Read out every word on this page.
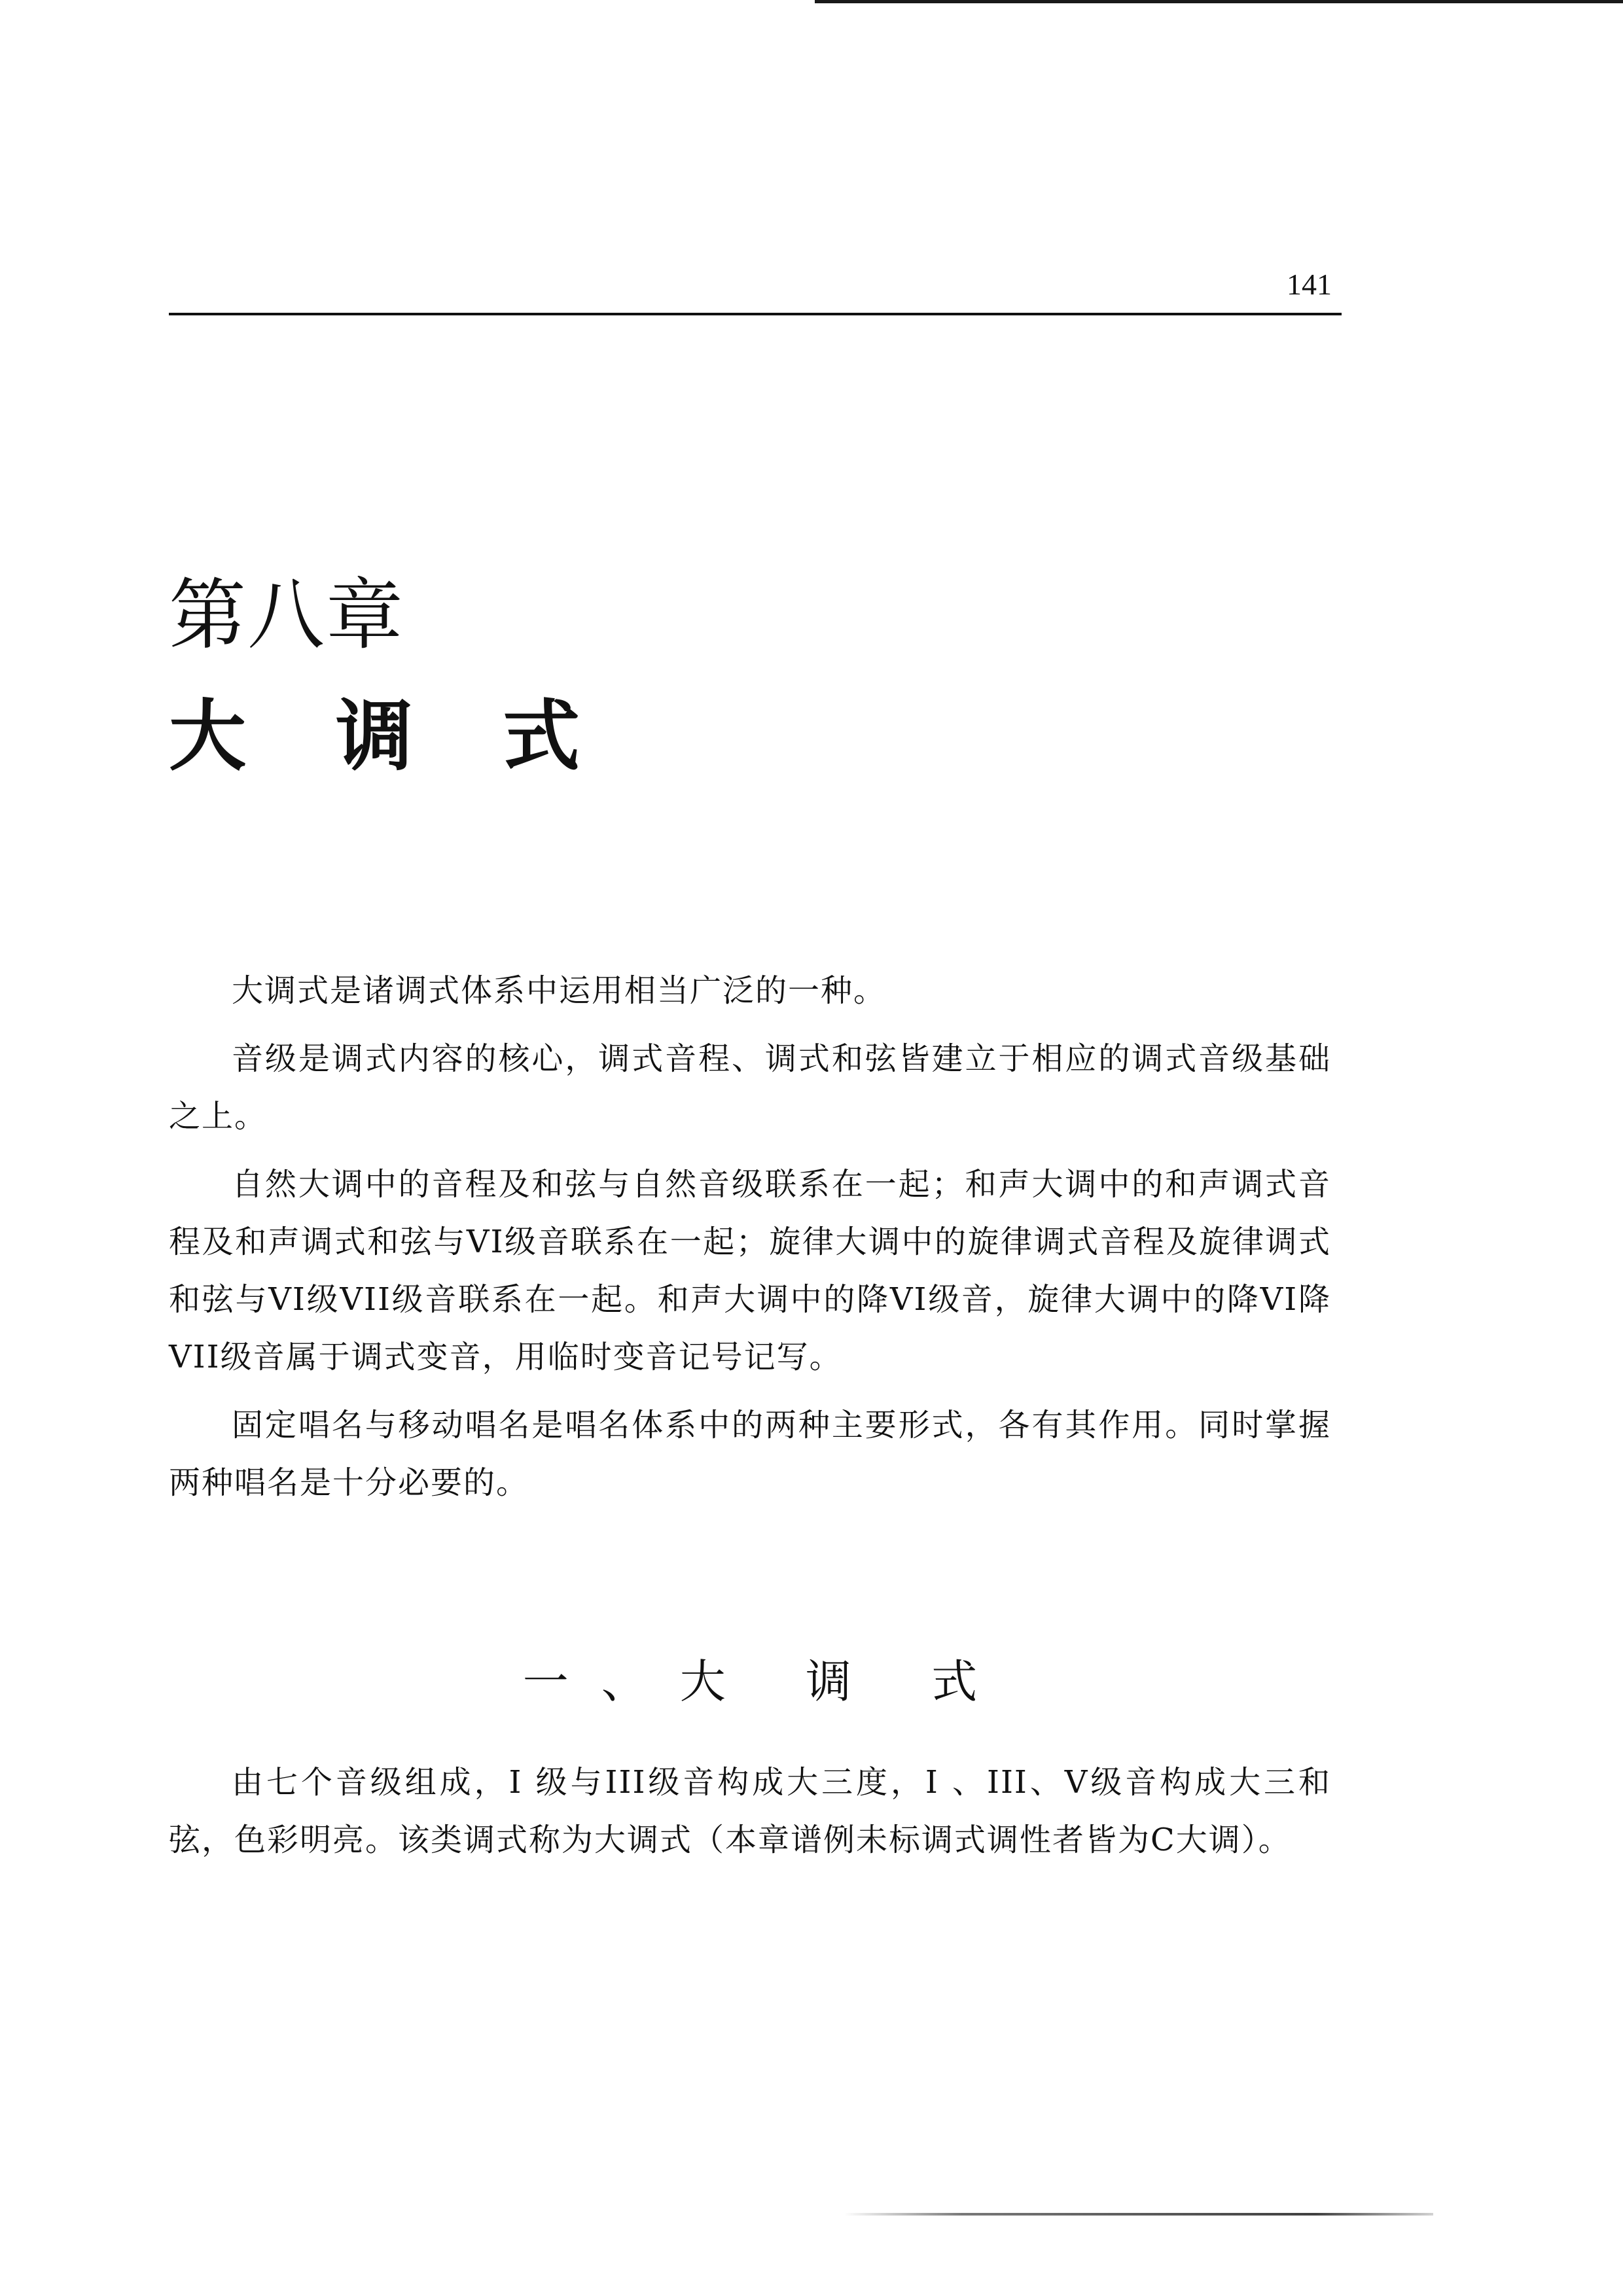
141
第八章
大 调 式

大调式是诸调式体系中运用相当广泛的一种。

音级是调式内容的核心，调式音程、调式和弦皆建立于相应的调式音级基础之上。

自然大调中的音程及和弦与自然音级联系在一起；和声大调中的和声调式音程及和声调式和弦与VI级音联系在一起；旋律大调中的旋律调式音程及旋律调式和弦与VI级VII级音联系在一起。和声大调中的降VI级音，旋律大调中的降VI降VII级音属于调式变音，用临时变音记号记写。

固定唱名与移动唱名是唱名体系中的两种主要形式，各有其作用。同时掌握两种唱名是十分必要的。

一、大 调 式

由七个音级组成，I 级与III级音构成大三度，I 、III、V级音构成大三和弦，色彩明亮。该类调式称为大调式（本章谱例未标调式调性者皆为C大调）。
